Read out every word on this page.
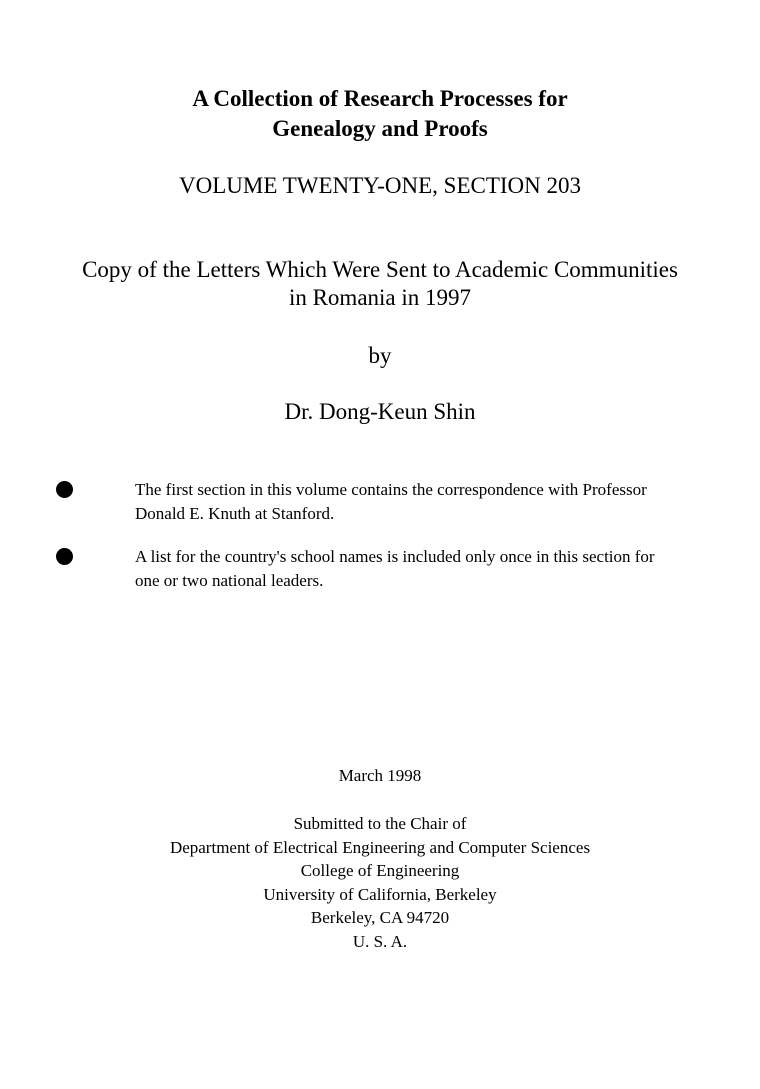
A Collection of Research Processes for
Genealogy and Proofs
VOLUME TWENTY-ONE, SECTION 203
Copy of the Letters Which Were Sent to Academic Communities
in Romania in 1997
by
Dr. Dong-Keun Shin
The first section in this volume contains the correspondence with Professor
Donald E. Knuth at Stanford.
A list for the country's school names is included only once in this section for
one or two national leaders.
March 1998
Submitted to the Chair of
Department of Electrical Engineering and Computer Sciences
College of Engineering
University of California, Berkeley
Berkeley, CA 94720
U. S. A.
